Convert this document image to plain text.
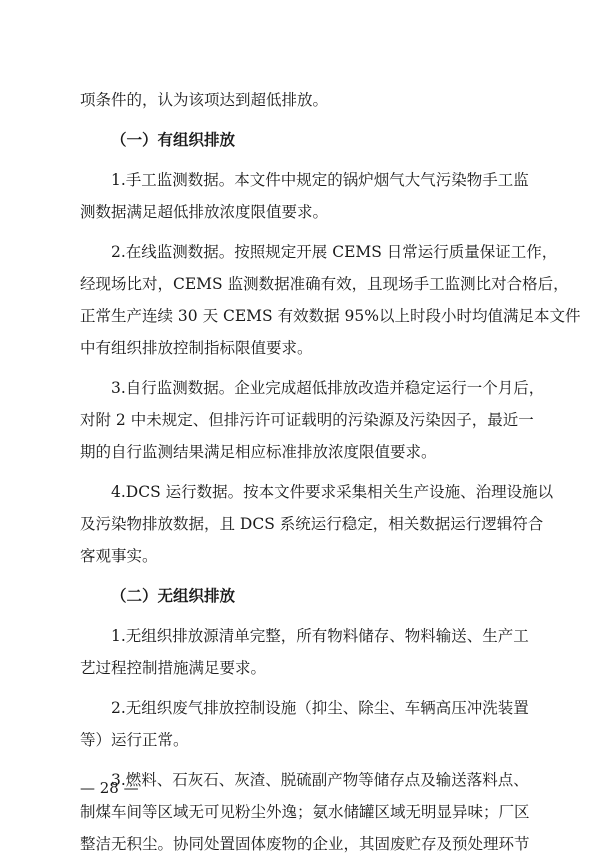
项条件的，认为该项达到超低排放。
（一）有组织排放
1.手工监测数据。本文件中规定的锅炉烟气大气污染物手工监
测数据满足超低排放浓度限值要求。
2.在线监测数据。按照规定开展 CEMS 日常运行质量保证工作，
经现场比对，CEMS 监测数据准确有效，且现场手工监测比对合格后，
正常生产连续 30 天 CEMS 有效数据 95%以上时段小时均值满足本文件
中有组织排放控制指标限值要求。
3.自行监测数据。企业完成超低排放改造并稳定运行一个月后，
对附 2 中未规定、但排污许可证载明的污染源及污染因子，最近一
期的自行监测结果满足相应标准排放浓度限值要求。
4.DCS 运行数据。按本文件要求采集相关生产设施、治理设施以
及污染物排放数据，且 DCS 系统运行稳定，相关数据运行逻辑符合
客观事实。
（二）无组织排放
1.无组织排放源清单完整，所有物料储存、物料输送、生产工
艺过程控制措施满足要求。
2.无组织废气排放控制设施（抑尘、除尘、车辆高压冲洗装置
等）运行正常。
3.燃料、石灰石、灰渣、脱硫副产物等储存点及输送落料点、
制煤车间等区域无可见粉尘外逸；氨水储罐区域无明显异味；厂区
整洁无积尘。协同处置固体废物的企业，其固废贮存及预处理环节
— 28 —
